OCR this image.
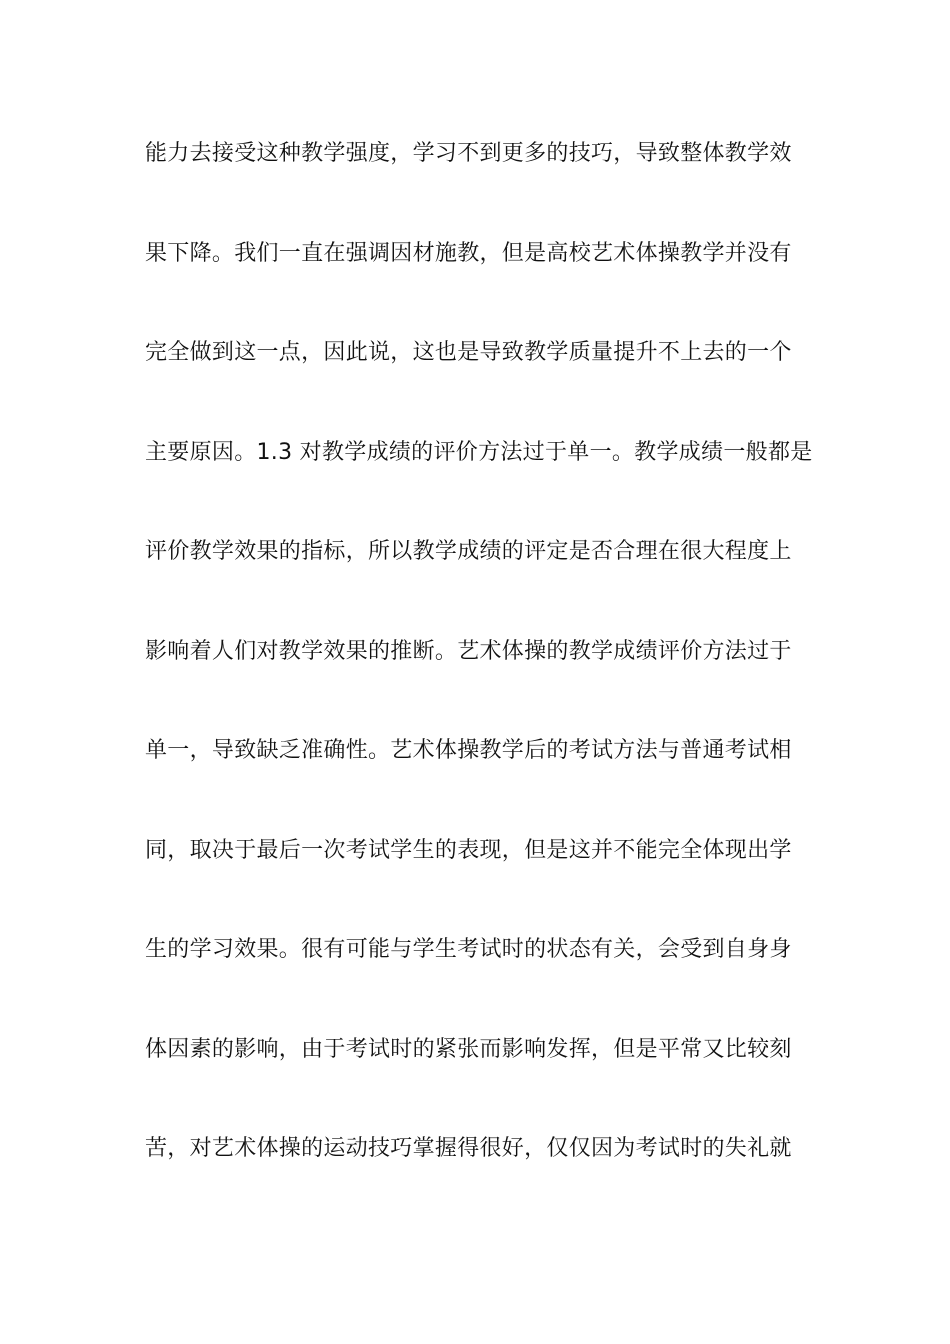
能力去接受这种教学强度，学习不到更多的技巧，导致整体教学效
果下降。我们一直在强调因材施教，但是高校艺术体操教学并没有
完全做到这一点，因此说，这也是导致教学质量提升不上去的一个
主要原因。1.3 对教学成绩的评价方法过于单一。教学成绩一般都是
评价教学效果的指标，所以教学成绩的评定是否合理在很大程度上
影响着人们对教学效果的推断。艺术体操的教学成绩评价方法过于
单一，导致缺乏准确性。艺术体操教学后的考试方法与普通考试相
同，取决于最后一次考试学生的表现，但是这并不能完全体现出学
生的学习效果。很有可能与学生考试时的状态有关，会受到自身身
体因素的影响，由于考试时的紧张而影响发挥，但是平常又比较刻
苦，对艺术体操的运动技巧掌握得很好，仅仅因为考试时的失礼就
